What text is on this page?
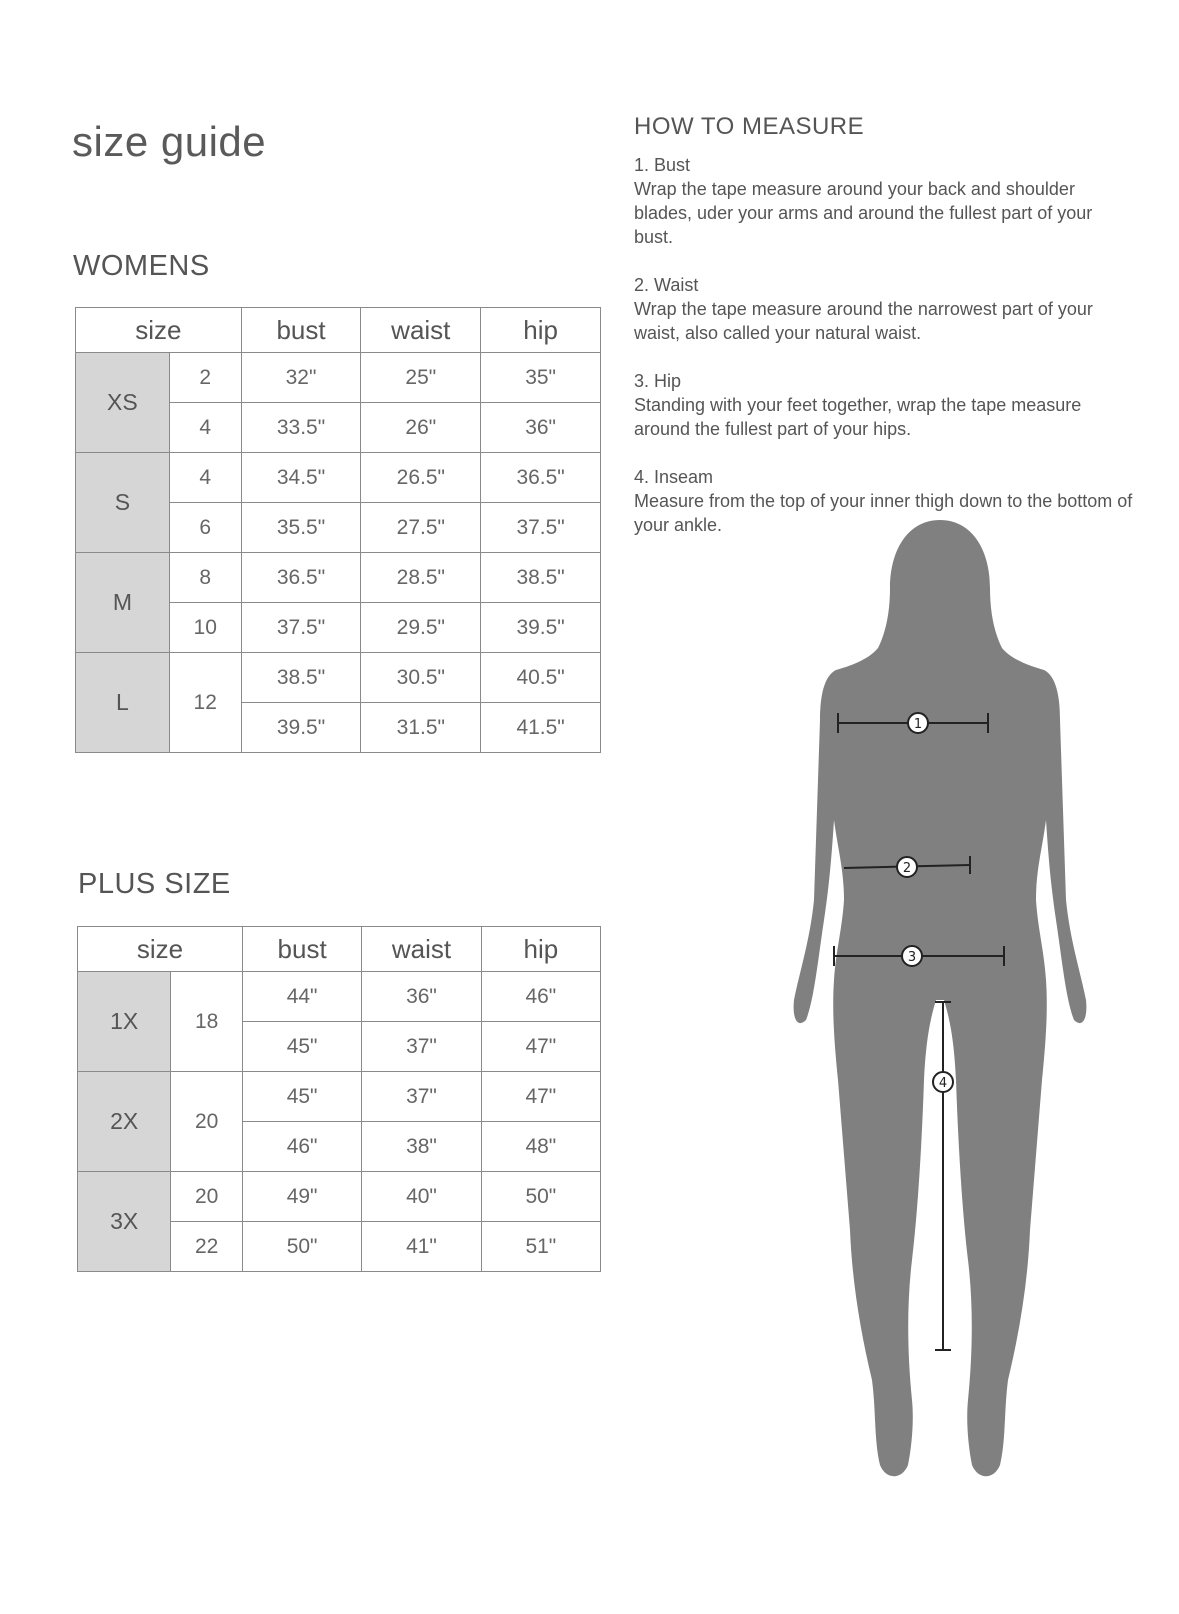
size guide
WOMENS
size		bust	waist	hip
XS	2	32"	25"	35"
	4	33.5"	26"	36"
S	4	34.5"	26.5"	36.5"
	6	35.5"	27.5"	37.5"
M	8	36.5"	28.5"	38.5"
	10	37.5"	29.5"	39.5"
L	12	38.5"	30.5"	40.5"
		39.5"	31.5"	41.5"
PLUS SIZE
size		bust	waist	hip
1X	18	44"	36"	46"
		45"	37"	47"
2X	20	45"	37"	47"
		46"	38"	48"
3X	20	49"	40"	50"
	22	50"	41"	51"
HOW TO MEASURE
1. Bust
Wrap the tape measure around your back and shoulder blades, uder your arms and around the fullest part of your bust.
2. Waist
Wrap the tape measure around the narrowest part of your waist, also called your natural waist.
3. Hip
Standing with your feet together, wrap the tape measure around the fullest part of your hips.
4. Inseam
Measure from the top of your inner thigh down to the bottom of your ankle.
1
2
3
4
